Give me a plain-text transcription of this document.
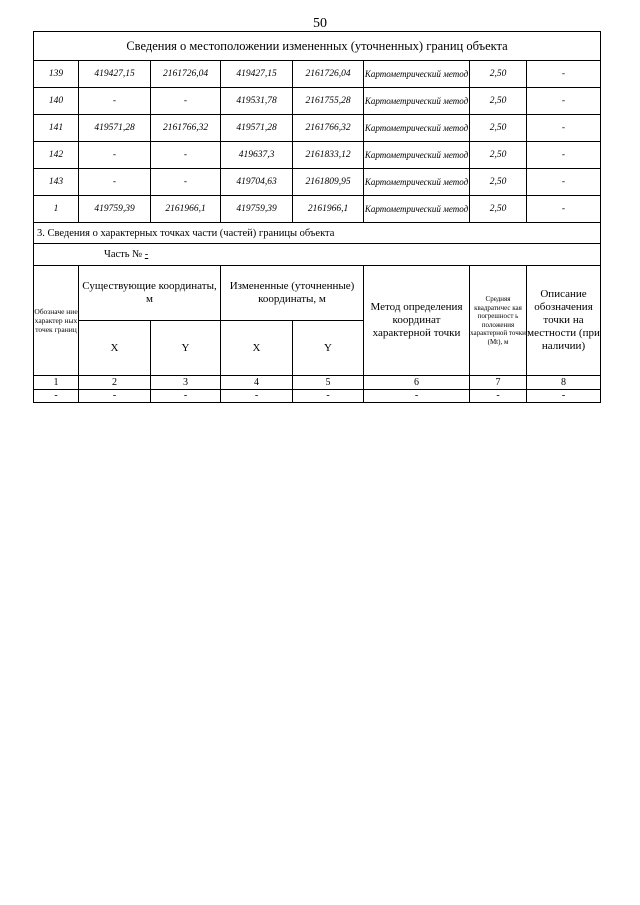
50
Сведения о местоположении измененных (уточненных) границ объекта							
139	419427,15	2161726,04	419427,15	2161726,04	Картометрический метод	2,50	-
140	-	-	419531,78	2161755,28	Картометрический метод	2,50	-
141	419571,28	2161766,32	419571,28	2161766,32	Картометрический метод	2,50	-
142	-	-	419637,3	2161833,12	Картометрический метод	2,50	-
143	-	-	419704,63	2161809,95	Картометрический метод	2,50	-
1	419759,39	2161966,1	419759,39	2161966,1	Картометрический метод	2,50	-
3. Сведения о характерных точках части (частей) границы объекта							
Часть № -							
Обозначе ние характер ных точек границ	Существующие координаты, м		Измененные (уточненные) координаты, м		Метод определения координат характерной точки	Средняя квадратичес кая погрешност ь положения характерной точки (Mt), м	Описание обозначения точки на местности (при наличии)
	X	Y	X	Y			
1	2	3	4	5	6	7	8
-	-	-	-	-	-	-	-
